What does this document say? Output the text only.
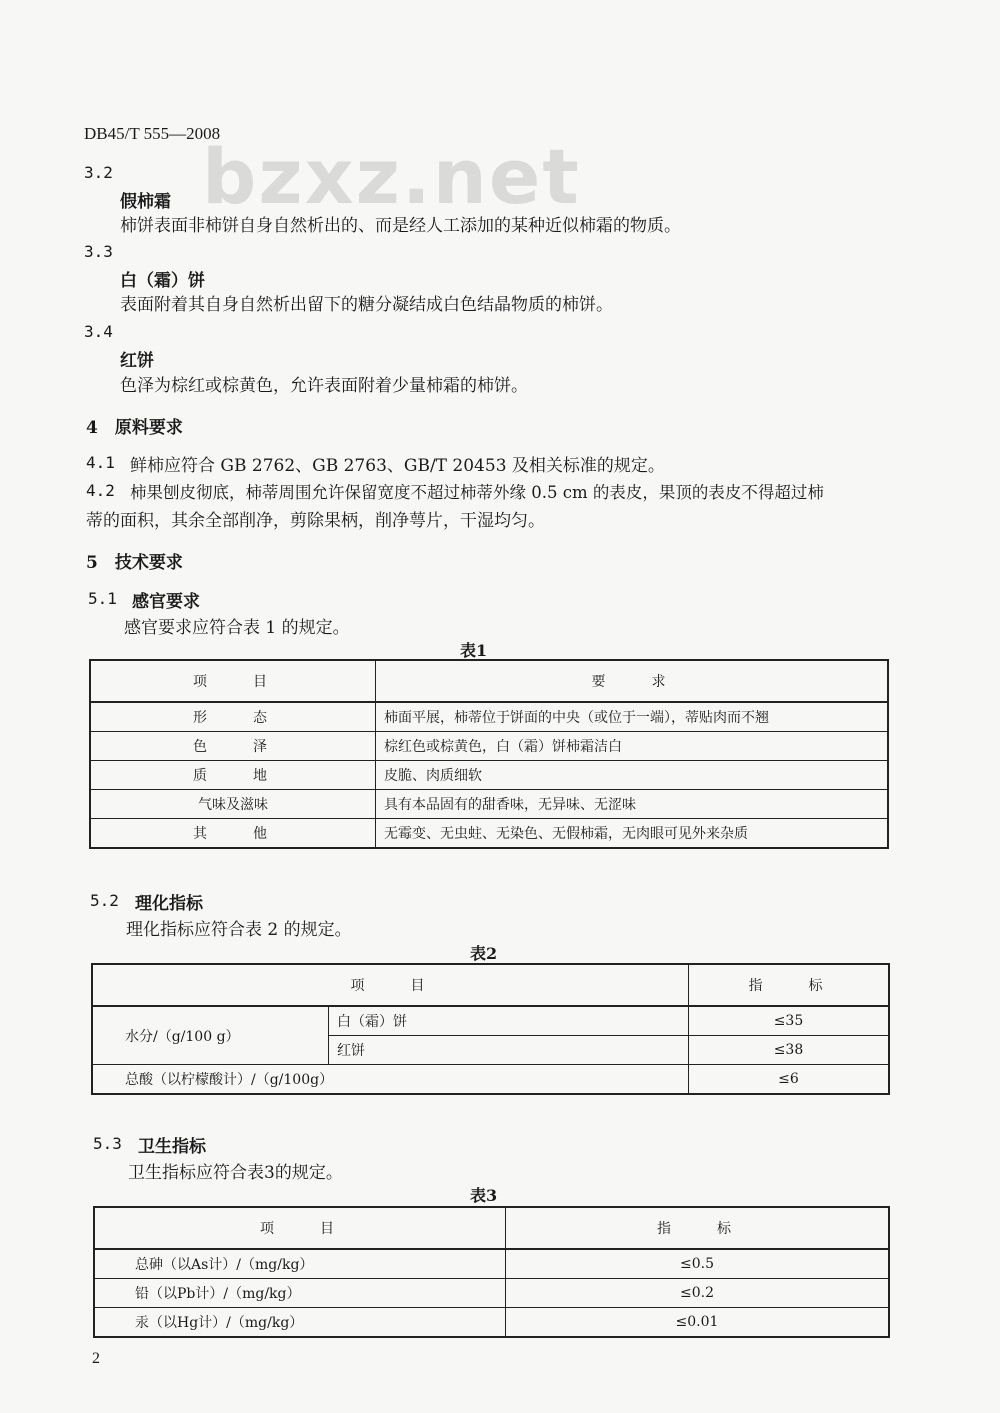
DB45/T 555—2008
bzxz.net
3.2
假柿霜
柿饼表面非柿饼自身自然析出的、而是经人工添加的某种近似柿霜的物质。
3.3
白（霜）饼
表面附着其自身自然析出留下的糖分凝结成白色结晶物质的柿饼。
3.4
红饼
色泽为棕红或棕黄色，允许表面附着少量柿霜的柿饼。
4　原料要求
4.1 鲜柿应符合 GB 2762、GB 2763、GB/T 20453 及相关标准的规定。
4.2 柿果刨皮彻底，柿蒂周围允许保留宽度不超过柿蒂外缘 0.5 cm 的表皮，果顶的表皮不得超过柿
蒂的面积，其余全部削净，剪除果柄，削净萼片，干湿均匀。
5　技术要求
5.1 感官要求
感官要求应符合表 1 的规定。
表1
项　　目	要　　求
形　　态	柿面平展，柿蒂位于饼面的中央（或位于一端），蒂贴肉而不翘
色　　泽	棕红色或棕黄色，白（霜）饼柿霜洁白
质　　地	皮脆、肉质细软
气味及滋味	具有本品固有的甜香味，无异味、无涩味
其　　他	无霉变、无虫蛀、无染色、无假柿霜，无肉眼可见外来杂质
5.2 理化指标
理化指标应符合表 2 的规定。
表2
项　　目		指　　标
水分/（g/100 g）	白（霜）饼	≤35
	红饼	≤38
总酸（以柠檬酸计）/（g/100g）		≤6
5.3 卫生指标
卫生指标应符合表3的规定。
表3
项　　目	指　　标
总砷（以As计）/（mg/kg）	≤0.5
铅（以Pb计）/（mg/kg）	≤0.2
汞（以Hg计）/（mg/kg）	≤0.01
2
